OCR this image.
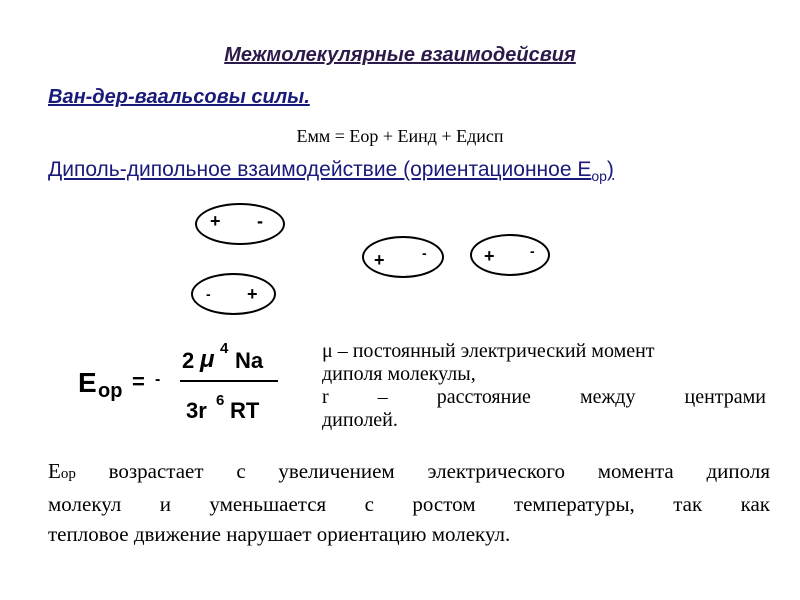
Межмолекулярные взаимодейсвия
Ван-дер-ваальсовы силы.
Емм = Еор + Еинд + Едисп
Диполь-дипольное взаимодействие (ориентационное $Е_{ор}$)
+ -
- +
+	-	+	-
E op = -
2 μ 4 Na
3r 6 RT
μ – постоянный электрический момент
диполя молекулы,
r – расстояние между центрами
диполей.
Еор возрастает с увеличением электрического момента диполя
молекул и уменьшается с ростом температуры, так как
тепловое движение нарушает ориентацию молекул.
